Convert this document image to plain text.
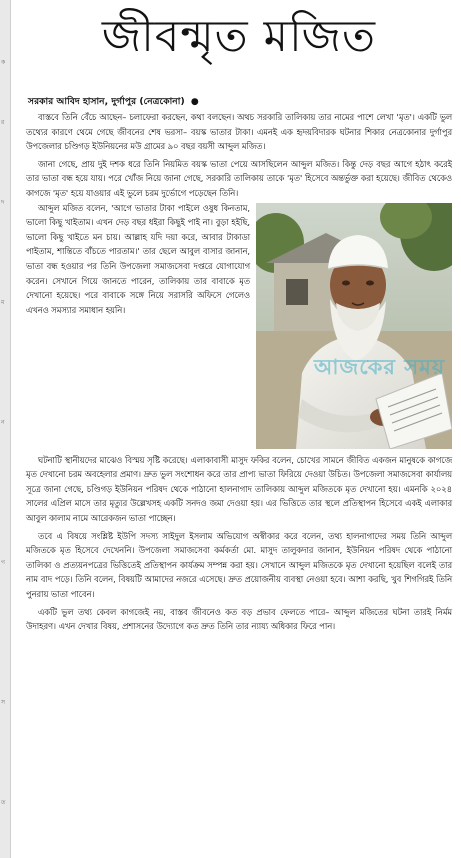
ক
র
দ
ম
ন
গ
স
ত
জীবন্মৃত মজিত
সরকার আবিদ হাসান, দুর্গাপুর (নেত্রকোনা) ●

বাস্তবে তিনি বেঁচে আছেন– চলাফেরা করছেন, কথা বলছেন। অথচ সরকারি তালিকায় তার নামের পাশে লেখা 'মৃত'। একটি ভুল তথ্যের কারণে থেমে গেছে জীবনের শেষ ভরসা– বয়স্ক ভাতার টাকা। এমনই এক হৃদয়বিদারক ঘটনার শিকার নেত্রকোনার দুর্গাপুর উপজেলার চণ্ডিগড় ইউনিয়নের মউ গ্রামের ৯০ বছর বয়সী আব্দুল মজিত।

জানা গেছে, প্রায় দুই দশক ধরে তিনি নিয়মিত বয়স্ক ভাতা পেয়ে আসছিলেন আব্দুল মজিত। কিন্তু দেড় বছর আগে হঠাৎ করেই তার ভাতা বন্ধ হয়ে যায়। পরে খোঁজ নিয়ে জানা গেছে, সরকারি তালিকায় তাকে 'মৃত' হিসেবে অন্তর্ভুক্ত করা হয়েছে। জীবিত থেকেও কাগজে 'মৃত' হয়ে যাওয়ার এই ভুলে চরম দুর্ভোগে পড়েছেন তিনি।

আজকের সময়

আব্দুল মজিত বলেন, 'আগে ভাতার টাকা পাইলে ওষুধ কিনতাম, ভালো কিছু খাইতাম। এখন দেড় বছর ধইরা কিছুই পাই না। বুড়া হইছি, ভালো কিছু খাইতে মন চায়। আল্লাহ যদি দয়া করে, আবার টাকাডা পাইতাম, শান্তিতে বাঁচতে পারতাম।' তার ছেলে আবুল বাসার জানান, ভাতা বন্ধ হওয়ার পর তিনি উপজেলা সমাজসেবা দপ্তরে যোগাযোগ করেন। সেখানে গিয়ে জানতে পারেন, তালিকায় তার বাবাকে মৃত দেখানো হয়েছে। পরে বাবাকে সঙ্গে নিয়ে সরাসরি অফিসে গেলেও এখনও সমস্যার সমাধান হয়নি।

ঘটনাটি স্থানীয়দের মাঝেও বিস্ময় সৃষ্টি করেছে। এলাকাবাসী মাসুদ ফকির বলেন, চোখের সামনে জীবিত একজন মানুষকে কাগজে মৃত দেখানো চরম অবহেলার প্রমাণ। দ্রুত ভুল সংশোধন করে তার প্রাপ্য ভাতা ফিরিয়ে দেওয়া উচিত। উপজেলা সমাজসেবা কার্যালয় সূত্রে জানা গেছে, চণ্ডিগড় ইউনিয়ন পরিষদ থেকে পাঠানো হালনাগাদ তালিকায় আব্দুল মজিতকে মৃত দেখানো হয়। এমনকি ২০২৪ সালের এপ্রিল মাসে তার মৃত্যুর উল্লেখসহ একটি সনদও জমা দেওয়া হয়। এর ভিত্তিতে তার স্থলে প্রতিস্থাপন হিসেবে একই এলাকার আবুল কালাম নামে আরেকজন ভাতা পাচ্ছেন।

তবে এ বিষয়ে সংশ্লিষ্ট ইউপি সদস্য সাইদুল ইসলাম অভিযোগ অস্বীকার করে বলেন, তথ্য হালনাগাদের সময় তিনি আব্দুল মজিতকে মৃত হিসেবে দেখেননি। উপজেলা সমাজসেবা কর্মকর্তা মো. মাসুদ তালুকদার জানান, ইউনিয়ন পরিষদ থেকে পাঠানো তালিকা ও প্রত্যয়নপত্রের ভিত্তিতেই প্রতিস্থাপন কার্যক্রম সম্পন্ন করা হয়। সেখানে আব্দুল মজিতকে মৃত দেখানো হয়েছিল বলেই তার নাম বাদ পড়ে। তিনি বলেন, বিষয়টি আমাদের নজরে এসেছে। দ্রুত প্রয়োজনীয় ব্যবস্থা নেওয়া হবে। আশা করছি, খুব শিগগিরই তিনি পুনরায় ভাতা পাবেন।

একটি ভুল তথ্য কেবল কাগজেই নয়, বাস্তব জীবনেও কত বড় প্রভাব ফেলতে পারে– আব্দুল মজিতের ঘটনা তারই নির্মম উদাহরণ। এখন দেখার বিষয়, প্রশাসনের উদ্যোগে কত দ্রুত তিনি তার ন্যায্য অধিকার ফিরে পান।
